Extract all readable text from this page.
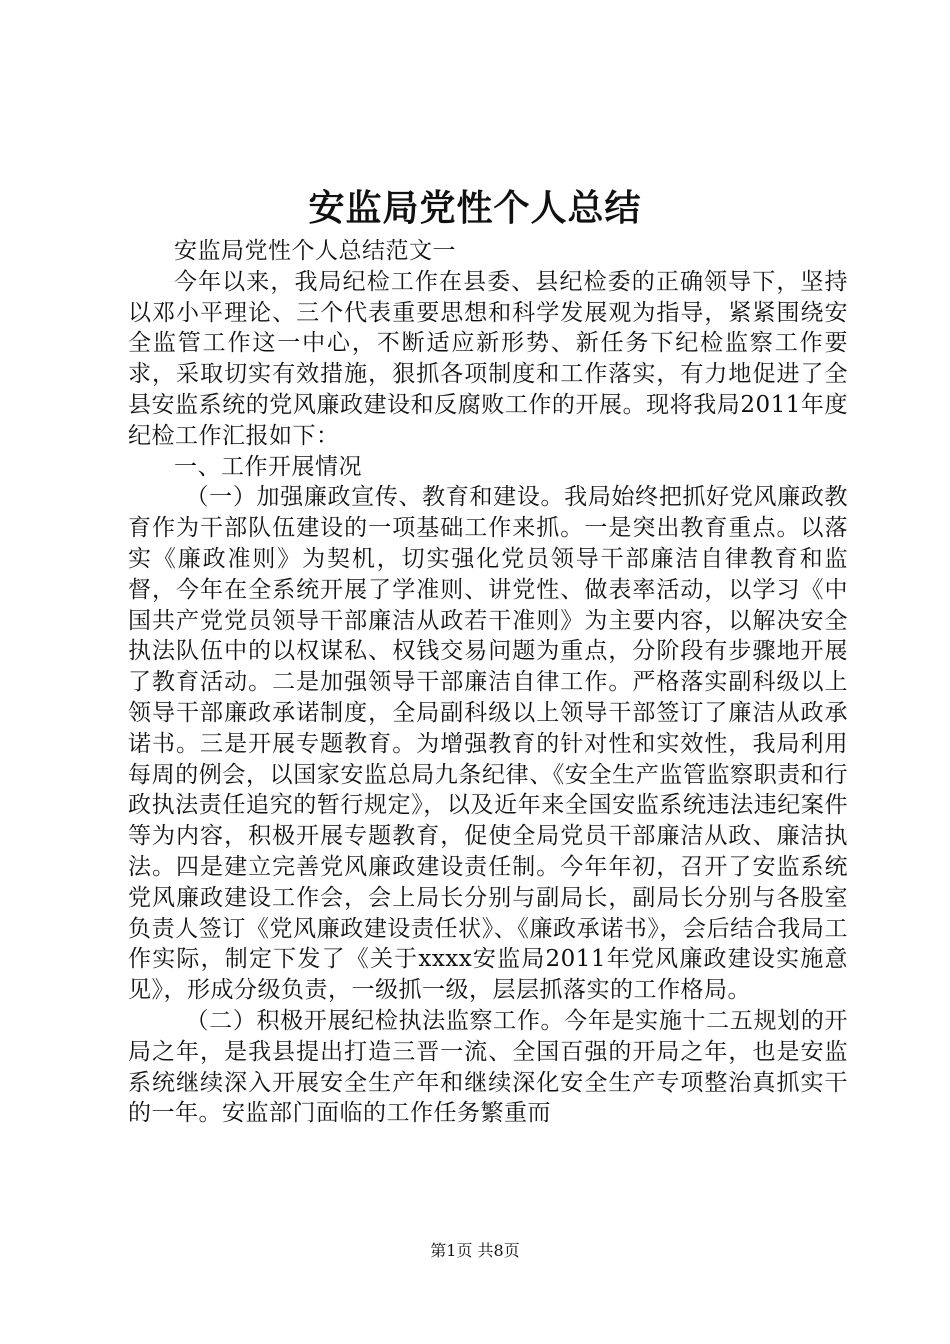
安监局党性个人总结

安监局党性个人总结范文一

今年以来，我局纪检工作在县委、县纪检委的正确领导下，坚持以邓小平理论、三个代表重要思想和科学发展观为指导，紧紧围绕安全监管工作这一中心，不断适应新形势、新任务下纪检监察工作要求，采取切实有效措施，狠抓各项制度和工作落实，有力地促进了全县安监系统的党风廉政建设和反腐败工作的开展。现将我局2011年度纪检工作汇报如下：

一、工作开展情况

（一）加强廉政宣传、教育和建设。我局始终把抓好党风廉政教育作为干部队伍建设的一项基础工作来抓。一是突出教育重点。以落实《廉政准则》为契机，切实强化党员领导干部廉洁自律教育和监督，今年在全系统开展了学准则、讲党性、做表率活动，以学习《中国共产党党员领导干部廉洁从政若干准则》为主要内容，以解决安全执法队伍中的以权谋私、权钱交易问题为重点，分阶段有步骤地开展了教育活动。二是加强领导干部廉洁自律工作。严格落实副科级以上领导干部廉政承诺制度，全局副科级以上领导干部签订了廉洁从政承诺书。三是开展专题教育。为增强教育的针对性和实效性，我局利用每周的例会，以国家安监总局九条纪律、《安全生产监管监察职责和行政执法责任追究的暂行规定》，以及近年来全国安监系统违法违纪案件等为内容，积极开展专题教育，促使全局党员干部廉洁从政、廉洁执法。四是建立完善党风廉政建设责任制。今年年初，召开了安监系统党风廉政建设工作会，会上局长分别与副局长，副局长分别与各股室负责人签订《党风廉政建设责任状》、《廉政承诺书》，会后结合我局工作实际，制定下发了《关于xxxx安监局2011年党风廉政建设实施意见》，形成分级负责，一级抓一级，层层抓落实的工作格局。

（二）积极开展纪检执法监察工作。今年是实施十二五规划的开局之年，是我县提出打造三晋一流、全国百强的开局之年，也是安监系统继续深入开展安全生产年和继续深化安全生产专项整治真抓实干的一年。安监部门面临的工作任务繁重而

第1页 共8页
